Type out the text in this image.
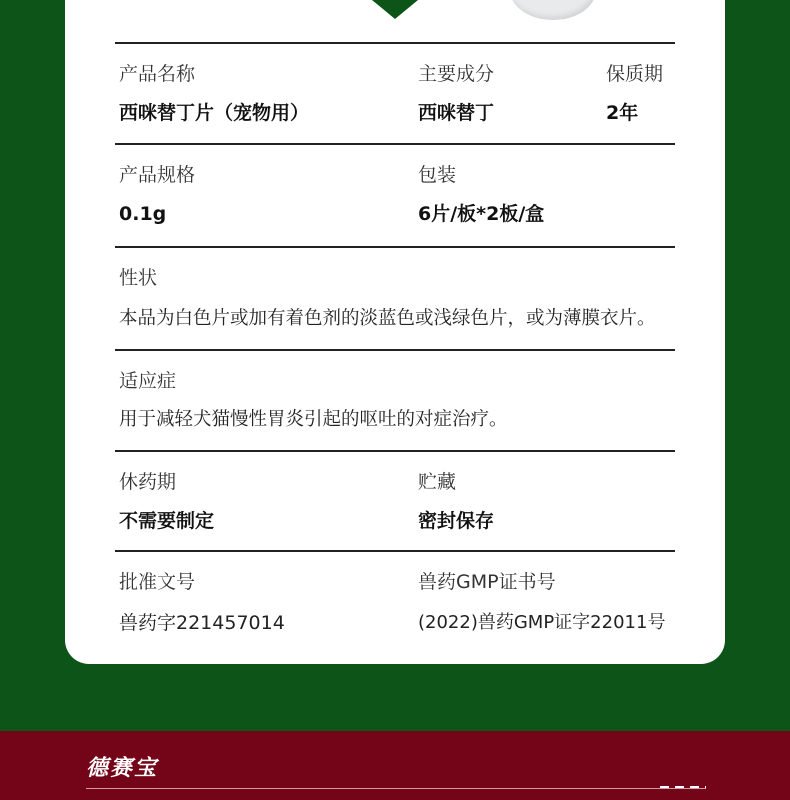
产品名称
西咪替丁片（宠物用）
主要成分
西咪替丁
保质期
2年
产品规格
0.1g
包装
6片/板*2板/盒
性状
本品为白色片或加有着色剂的淡蓝色或浅绿色片，或为薄膜衣片。
适应症
用于减轻犬猫慢性胃炎引起的呕吐的对症治疗。
休药期
不需要制定
贮藏
密封保存
批准文号
兽药字221457014
兽药GMP证书号
(2022)兽药GMP证字22011号
德赛宝
